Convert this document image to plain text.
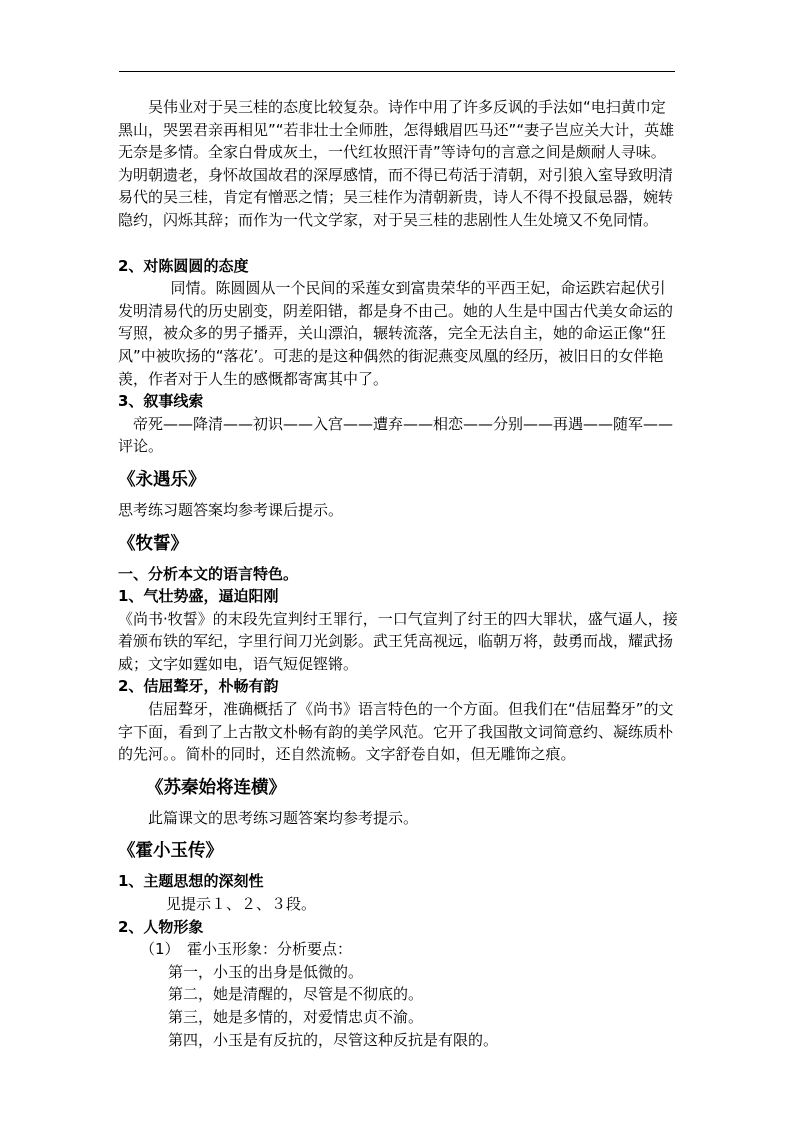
吴伟业对于吴三桂的态度比较复杂。诗作中用了许多反讽的手法如“电扫黄巾定黑山，哭罢君亲再相见”“若非壮士全师胜，怎得蛾眉匹马还”“妻子岂应关大计，英雄无奈是多情。全家白骨成灰土，一代红妆照汗青”等诗句的言意之间是颇耐人寻味。为明朝遗老，身怀故国故君的深厚感情，而不得已苟活于清朝，对引狼入室导致明清易代的吴三桂，肯定有憎恶之情；吴三桂作为清朝新贵，诗人不得不投鼠忌器，婉转隐约，闪烁其辞；而作为一代文学家，对于吴三桂的悲剧性人生处境又不免同情。

2、对陈圆圆的态度

同情。陈圆圆从一个民间的采莲女到富贵荣华的平西王妃，命运跌宕起伏引发明清易代的历史剧变，阴差阳错，都是身不由己。她的人生是中国古代美女命运的写照，被众多的男子播弄，关山漂泊，辗转流落，完全无法自主，她的命运正像“狂风”中被吹扬的“落花’。可悲的是这种偶然的街泥燕变凤凰的经历，被旧日的女伴艳羡，作者对于人生的感慨都寄寓其中了。

3、叙事线索

帝死——降清——初识——入宫——遭弃——相恋——分别——再遇——随军——评论。

《永遇乐》

思考练习题答案均参考课后提示。

《牧誓》

一、分析本文的语言特色。

1、气壮势盛，逼迫阳刚

《尚书·牧誓》的末段先宣判纣王罪行，一口气宣判了纣王的四大罪状，盛气逼人，接着颁布铁的军纪，字里行间刀光剑影。武王凭高视远，临朝万将，鼓勇而战，耀武扬威；文字如霆如电，语气短促铿锵。

2、佶屈聱牙，朴畅有韵

佶屈聱牙，准确概括了《尚书》语言特色的一个方面。但我们在“佶屈聱牙”的文字下面，看到了上古散文朴畅有韵的美学风范。它开了我国散文词简意约、凝练质朴的先河。。简朴的同时，还自然流畅。文字舒卷自如，但无雕饰之痕。

《苏秦始将连横》

此篇课文的思考练习题答案均参考提示。

《霍小玉传》

1、主题思想的深刻性

见提示１、２、３段。

2、人物形象

（1）　霍小玉形象：分析要点：

第一，小玉的出身是低微的。

第二，她是清醒的，尽管是不彻底的。

第三，她是多情的，对爱情忠贞不渝。

第四，小玉是有反抗的，尽管这种反抗是有限的。
